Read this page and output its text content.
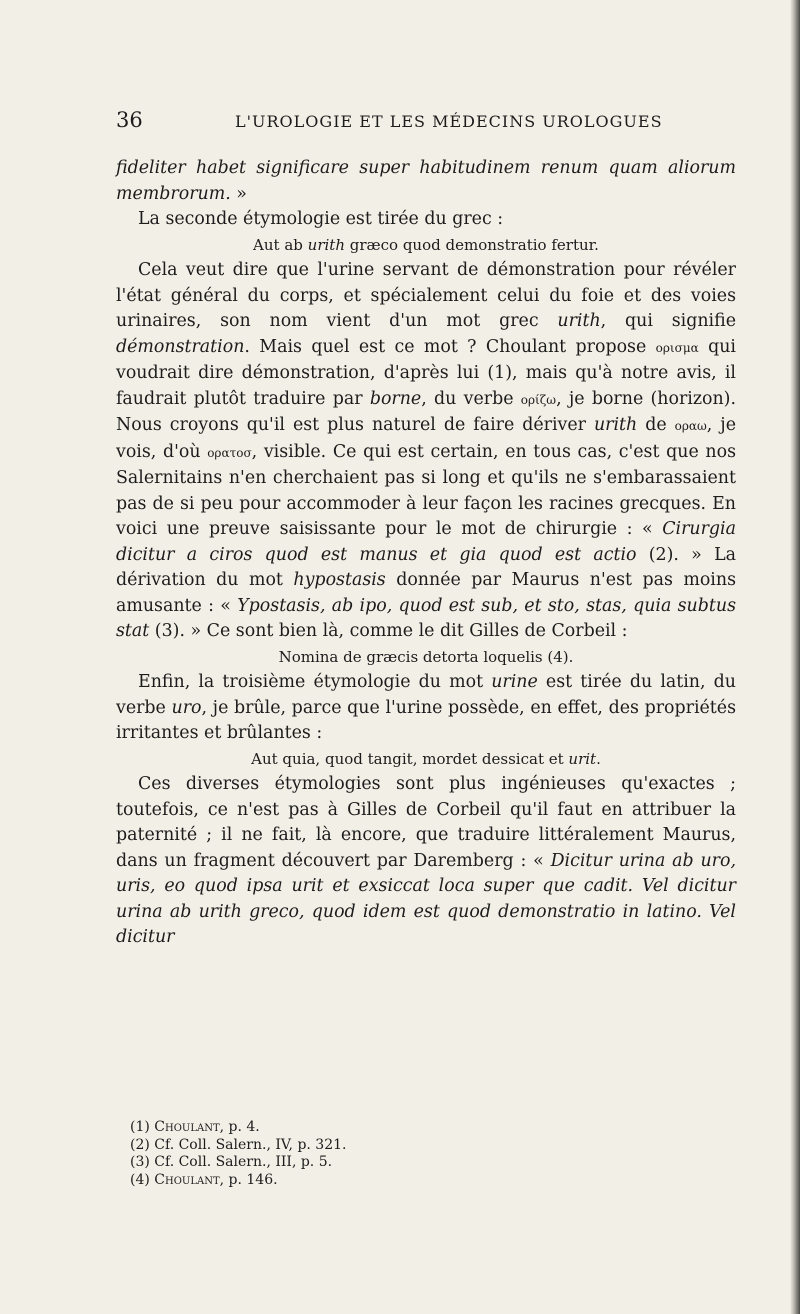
36	L'UROLOGIE ET LES MÉDECINS UROLOGUES

fideliter habet significare super habitudinem renum quam aliorum membrorum. »

La seconde étymologie est tirée du grec :

Aut ab urith græco quod demonstratio fertur.

Cela veut dire que l'urine servant de démonstration pour révéler l'état général du corps, et spécialement celui du foie et des voies urinaires, son nom vient d'un mot grec urith, qui signifie démonstration. Mais quel est ce mot ? Choulant propose ορισμα qui voudrait dire démonstration, d'après lui (1), mais qu'à notre avis, il faudrait plutôt traduire par borne, du verbe ορίζω, je borne (horizon). Nous croyons qu'il est plus naturel de faire dériver urith de οραω, je vois, d'où ορατοσ, visible. Ce qui est certain, en tous cas, c'est que nos Salernitains n'en cherchaient pas si long et qu'ils ne s'embarassaient pas de si peu pour accommoder à leur façon les racines grecques. En voici une preuve saisissante pour le mot de chirurgie : « Cirurgia dicitur a ciros quod est manus et gia quod est actio (2). » La dérivation du mot hypostasis donnée par Maurus n'est pas moins amusante : « Ypostasis, ab ipo, quod est sub, et sto, stas, quia subtus stat (3). » Ce sont bien là, comme le dit Gilles de Corbeil :

Nomina de græcis detorta loquelis (4).

Enfin, la troisième étymologie du mot urine est tirée du latin, du verbe uro, je brûle, parce que l'urine possède, en effet, des propriétés irritantes et brûlantes :

Aut quia, quod tangit, mordet dessicat et urit.

Ces diverses étymologies sont plus ingénieuses qu'exactes ; toutefois, ce n'est pas à Gilles de Corbeil qu'il faut en attribuer la paternité ; il ne fait, là encore, que traduire littéralement Maurus, dans un fragment découvert par Daremberg : « Dicitur urina ab uro, uris, eo quod ipsa urit et exsiccat loca super que cadit. Vel dicitur urina ab urith greco, quod idem est quod demonstratio in latino. Vel dicitur

(1) Choulant, p. 4.
(2) Cf. Coll. Salern., IV, p. 321.
(3) Cf. Coll. Salern., III, p. 5.
(4) Choulant, p. 146.
